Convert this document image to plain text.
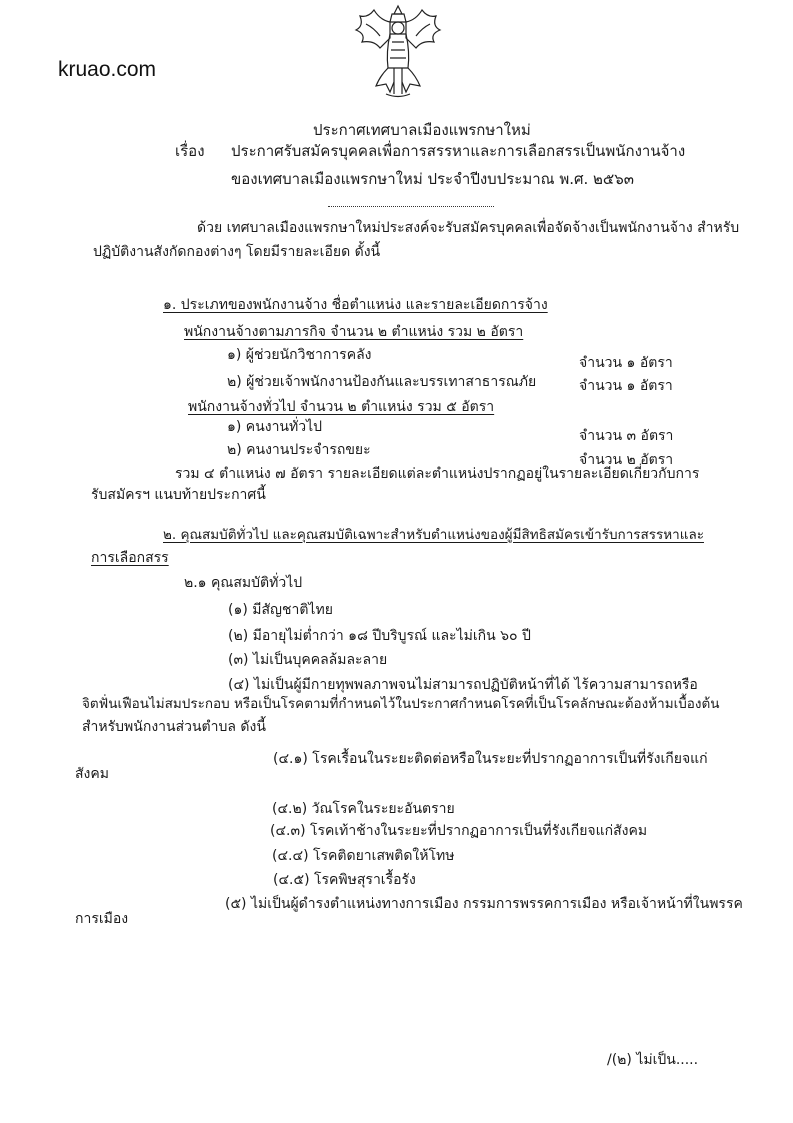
kruao.com
ประกาศเทศบาลเมืองแพรกษาใหม่
เรื่อง ประกาศรับสมัครบุคคลเพื่อการสรรหาและการเลือกสรรเป็นพนักงานจ้าง
ของเทศบาลเมืองแพรกษาใหม่ ประจำปีงบประมาณ พ.ศ. ๒๕๖๓
ด้วย เทศบาลเมืองแพรกษาใหม่ประสงค์จะรับสมัครบุคคลเพื่อจัดจ้างเป็นพนักงานจ้าง สำหรับ
ปฏิบัติงานสังกัดกองต่างๆ โดยมีรายละเอียด ดั้งนี้
๑. ประเภทของพนักงานจ้าง ชื่อตำแหน่ง และรายละเอียดการจ้าง
พนักงานจ้างตามภารกิจ จำนวน ๒ ตำแหน่ง รวม ๒ อัตรา
๑) ผู้ช่วยนักวิชาการคลัง	จำนวน ๑ อัตรา
๒) ผู้ช่วยเจ้าพนักงานป้องกันและบรรเทาสาธารณภัย	จำนวน ๑ อัตรา
พนักงานจ้างทั่วไป จำนวน ๒ ตำแหน่ง รวม ๕ อัตรา
๑) คนงานทั่วไป
จำนวน ๓ อัตรา
๒) คนงานประจำรถขยะ
จำนวน ๒ อัตรา
รวม ๔ ตำแหน่ง ๗ อัตรา รายละเอียดแต่ละตำแหน่งปรากฏอยู่ในรายละเอียดเกี่ยวกับการ
รับสมัครฯ แนบท้ายประกาศนี้
๒. คุณสมบัติทั่วไป และคุณสมบัติเฉพาะสำหรับตำแหน่งของผู้มีสิทธิสมัครเข้ารับการสรรหาและ
การเลือกสรร
๒.๑ คุณสมบัติทั่วไป
(๑) มีสัญชาติไทย
(๒) มีอายุไม่ต่ำกว่า ๑๘ ปีบริบูรณ์ และไม่เกิน ๖๐ ปี
(๓) ไม่เป็นบุคคลล้มละลาย
(๔) ไม่เป็นผู้มีกายทุพพลภาพจนไม่สามารถปฏิบัติหน้าที่ได้ ไร้ความสามารถหรือ
จิตฟั่นเฟือนไม่สมประกอบ หรือเป็นโรคตามที่กำหนดไว้ในประกาศกำหนดโรคที่เป็นโรคลักษณะต้องห้ามเบื้องต้น
สำหรับพนักงานส่วนตำบล ดังนี้
(๔.๑) โรคเรื้อนในระยะติดต่อหรือในระยะที่ปรากฏอาการเป็นที่รังเกียจแก่
สังคม
(๔.๒) วัณโรคในระยะอันตราย
(๔.๓) โรคเท้าช้างในระยะที่ปรากฏอาการเป็นที่รังเกียจแก่สังคม
(๔.๔) โรคติดยาเสพติดให้โทษ
(๔.๕) โรคพิษสุราเรื้อรัง
(๕) ไม่เป็นผู้ดำรงตำแหน่งทางการเมือง กรรมการพรรคการเมือง หรือเจ้าหน้าที่ในพรรค
การเมือง
/(๒) ไม่เป็น.....
